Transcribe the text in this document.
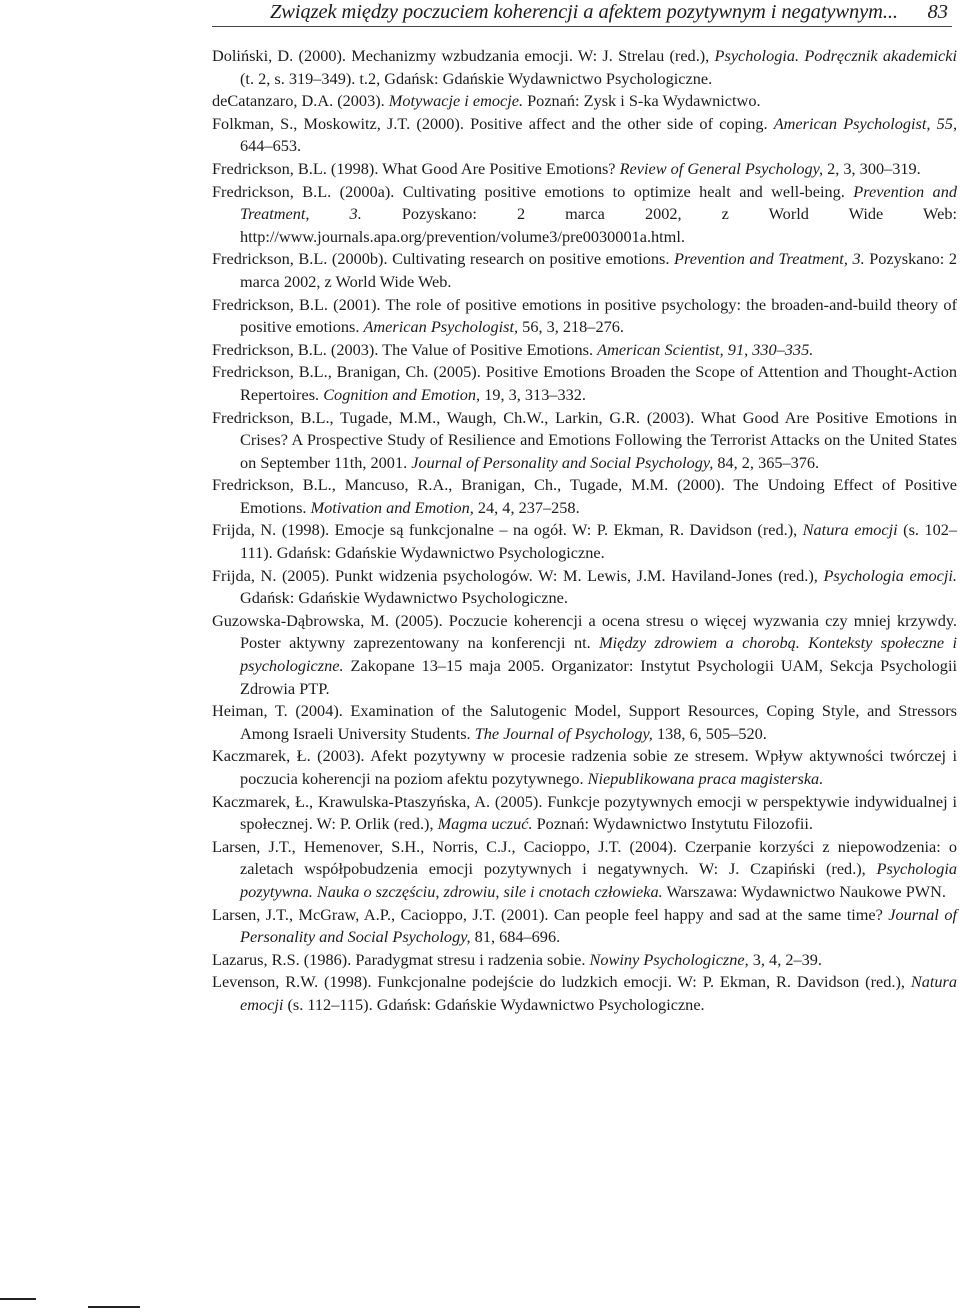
Związek między poczuciem koherencji a afektem pozytywnym i negatywnym... 83
Doliński, D. (2000). Mechanizmy wzbudzania emocji. W: J. Strelau (red.), Psychologia. Podręcznik akademicki (t. 2, s. 319–349). t.2, Gdańsk: Gdańskie Wydawnictwo Psychologiczne.
deCatanzaro, D.A. (2003). Motywacje i emocje. Poznań: Zysk i S-ka Wydawnictwo.
Folkman, S., Moskowitz, J.T. (2000). Positive affect and the other side of coping. American Psychologist, 55, 644–653.
Fredrickson, B.L. (1998). What Good Are Positive Emotions? Review of General Psychology, 2, 3, 300–319.
Fredrickson, B.L. (2000a). Cultivating positive emotions to optimize healt and well-being. Prevention and Treatment, 3. Pozyskano: 2 marca 2002, z World Wide Web: http://www.journals.apa.org/prevention/volume3/pre0030001a.html.
Fredrickson, B.L. (2000b). Cultivating research on positive emotions. Prevention and Treatment, 3. Pozyskano: 2 marca 2002, z World Wide Web.
Fredrickson, B.L. (2001). The role of positive emotions in positive psychology: the broaden-and-build theory of positive emotions. American Psychologist, 56, 3, 218–276.
Fredrickson, B.L. (2003). The Value of Positive Emotions. American Scientist, 91, 330–335.
Fredrickson, B.L., Branigan, Ch. (2005). Positive Emotions Broaden the Scope of Attention and Thought-Action Repertoires. Cognition and Emotion, 19, 3, 313–332.
Fredrickson, B.L., Tugade, M.M., Waugh, Ch.W., Larkin, G.R. (2003). What Good Are Positive Emotions in Crises? A Prospective Study of Resilience and Emotions Following the Terrorist Attacks on the United States on September 11th, 2001. Journal of Personality and Social Psychology, 84, 2, 365–376.
Fredrickson, B.L., Mancuso, R.A., Branigan, Ch., Tugade, M.M. (2000). The Undoing Effect of Positive Emotions. Motivation and Emotion, 24, 4, 237–258.
Frijda, N. (1998). Emocje są funkcjonalne – na ogół. W: P. Ekman, R. Davidson (red.), Natura emocji (s. 102–111). Gdańsk: Gdańskie Wydawnictwo Psychologiczne.
Frijda, N. (2005). Punkt widzenia psychologów. W: M. Lewis, J.M. Haviland-Jones (red.), Psychologia emocji. Gdańsk: Gdańskie Wydawnictwo Psychologiczne.
Guzowska-Dąbrowska, M. (2005). Poczucie koherencji a ocena stresu o więcej wyzwania czy mniej krzywdy. Poster aktywny zaprezentowany na konferencji nt. Między zdrowiem a chorobą. Konteksty społeczne i psychologiczne. Zakopane 13–15 maja 2005. Organizator: Instytut Psychologii UAM, Sekcja Psychologii Zdrowia PTP.
Heiman, T. (2004). Examination of the Salutogenic Model, Support Resources, Coping Style, and Stressors Among Israeli University Students. The Journal of Psychology, 138, 6, 505–520.
Kaczmarek, Ł. (2003). Afekt pozytywny w procesie radzenia sobie ze stresem. Wpływ aktywności twórczej i poczucia koherencji na poziom afektu pozytywnego. Niepublikowana praca magisterska.
Kaczmarek, Ł., Krawulska-Ptaszyńska, A. (2005). Funkcje pozytywnych emocji w perspektywie indywidualnej i społecznej. W: P. Orlik (red.), Magma uczuć. Poznań: Wydawnictwo Instytutu Filozofii.
Larsen, J.T., Hemenover, S.H., Norris, C.J., Cacioppo, J.T. (2004). Czerpanie korzyści z niepowodzenia: o zaletach współpobudzenia emocji pozytywnych i negatywnych. W: J. Czapiński (red.), Psychologia pozytywna. Nauka o szczęściu, zdrowiu, sile i cnotach człowieka. Warszawa: Wydawnictwo Naukowe PWN.
Larsen, J.T., McGraw, A.P., Cacioppo, J.T. (2001). Can people feel happy and sad at the same time? Journal of Personality and Social Psychology, 81, 684–696.
Lazarus, R.S. (1986). Paradygmat stresu i radzenia sobie. Nowiny Psychologiczne, 3, 4, 2–39.
Levenson, R.W. (1998). Funkcjonalne podejście do ludzkich emocji. W: P. Ekman, R. Davidson (red.), Natura emocji (s. 112–115). Gdańsk: Gdańskie Wydawnictwo Psychologiczne.
